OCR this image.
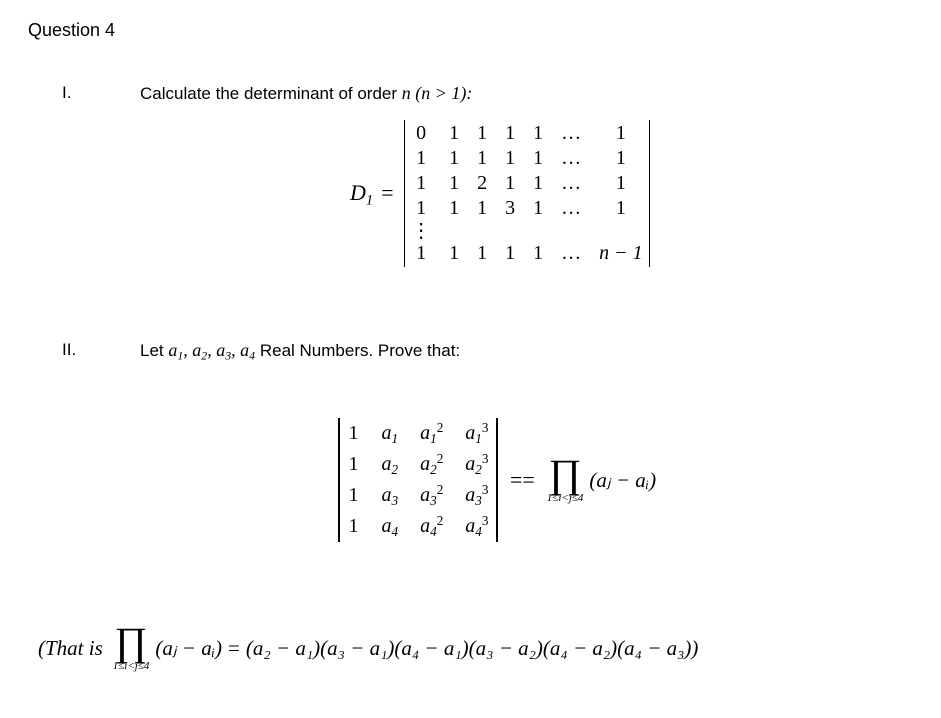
Question 4
I.	Calculate the determinant of order n (n > 1):
$D_1$ =
0 1 1 1 1 …	1
1 1 1 1 1 …	1
1 1 2 1 1 …	1
1 1 1 3 1 …	1
⋮
1 1 1 1 1 … n − 1
II.	Let $a_1$, $a_2$, $a_3$, $a_4$ Real Numbers. Prove that:
1 $a_1$ $a_1^2$ $a_1^3$
1 $a_2$ $a_2^2$ $a_2^3$
1 $a_3$ $a_3^2$ $a_3^3$
1 $a_4$ $a_4^2$ $a_4^3$
== ∏
1≤i<j≤4
(aⱼ − aᵢ)
(That is ∏
1≤i<j≤4
(aⱼ − aᵢ) = (a₂ − a₁)(a₃ − a₁)(a₄ − a₁)(a₃ − a₂)(a₄ − a₂)(a₄ − a₃))
